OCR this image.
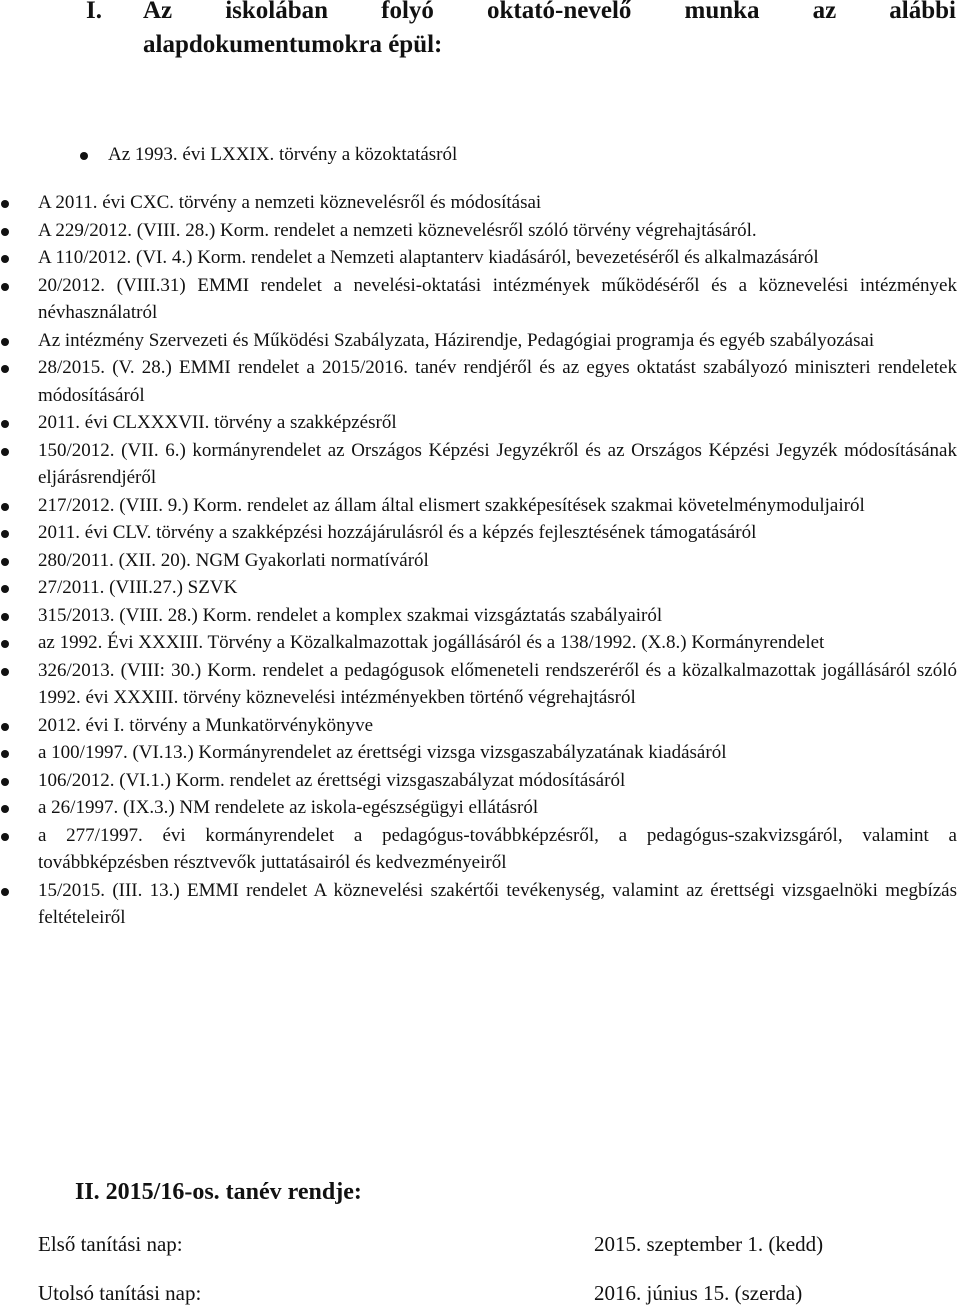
I. Az iskolában folyó oktató-nevelő munka az alábbi
alapdokumentumokra épül:
Az 1993. évi LXXIX. törvény a közoktatásról
A 2011. évi CXC. törvény a nemzeti köznevelésről és módosításai
A 229/2012. (VIII. 28.) Korm. rendelet a nemzeti köznevelésről szóló törvény végrehajtásáról.
A 110/2012. (VI. 4.) Korm. rendelet a Nemzeti alaptanterv kiadásáról, bevezetéséről és alkalmazásáról
20/2012. (VIII.31) EMMI rendelet a nevelési-oktatási intézmények működéséről és a köznevelési intézmények névhasználatról
Az intézmény Szervezeti és Működési Szabályzata, Házirendje, Pedagógiai programja és egyéb szabályozásai
28/2015. (V. 28.) EMMI rendelet a 2015/2016. tanév rendjéről és az egyes oktatást szabályozó miniszteri rendeletek módosításáról
2011. évi CLXXXVII. törvény a szakképzésről
150/2012. (VII. 6.) kormányrendelet az Országos Képzési Jegyzékről és az Országos Képzési Jegyzék módosításának eljárásrendjéről
217/2012. (VIII. 9.) Korm. rendelet az állam által elismert szakképesítések szakmai követelménymoduljairól
2011. évi CLV. törvény a szakképzési hozzájárulásról és a képzés fejlesztésének támogatásáról
280/2011. (XII. 20). NGM Gyakorlati normatíváról
27/2011. (VIII.27.) SZVK
315/2013. (VIII. 28.) Korm. rendelet a komplex szakmai vizsgáztatás szabályairól
az 1992. Évi XXXIII. Törvény a Közalkalmazottak jogállásáról és a 138/1992. (X.8.) Kormányrendelet
326/2013. (VIII: 30.) Korm. rendelet a pedagógusok előmeneteli rendszeréről és a közalkalmazottak jogállásáról szóló 1992. évi XXXIII. törvény köznevelési intézményekben történő végrehajtásról
2012. évi I. törvény a Munkatörvénykönyve
a 100/1997. (VI.13.) Kormányrendelet az érettségi vizsga vizsgaszabályzatának kiadásáról
106/2012. (VI.1.) Korm. rendelet az érettségi vizsgaszabályzat módosításáról
a 26/1997. (IX.3.) NM rendelete az iskola-egészségügyi ellátásról
a 277/1997. évi kormányrendelet a pedagógus-továbbképzésről, a pedagógus-szakvizsgáról, valamint a továbbképzésben résztvevők juttatásairól és kedvezményeiről
15/2015. (III. 13.) EMMI rendelet A köznevelési szakértői tevékenység, valamint az érettségi vizsgaelnöki megbízás feltételeiről
II. 2015/16-os. tanév rendje:
Első tanítási nap:	2015. szeptember 1. (kedd)
Utolsó tanítási nap:	2016. június 15. (szerda)
